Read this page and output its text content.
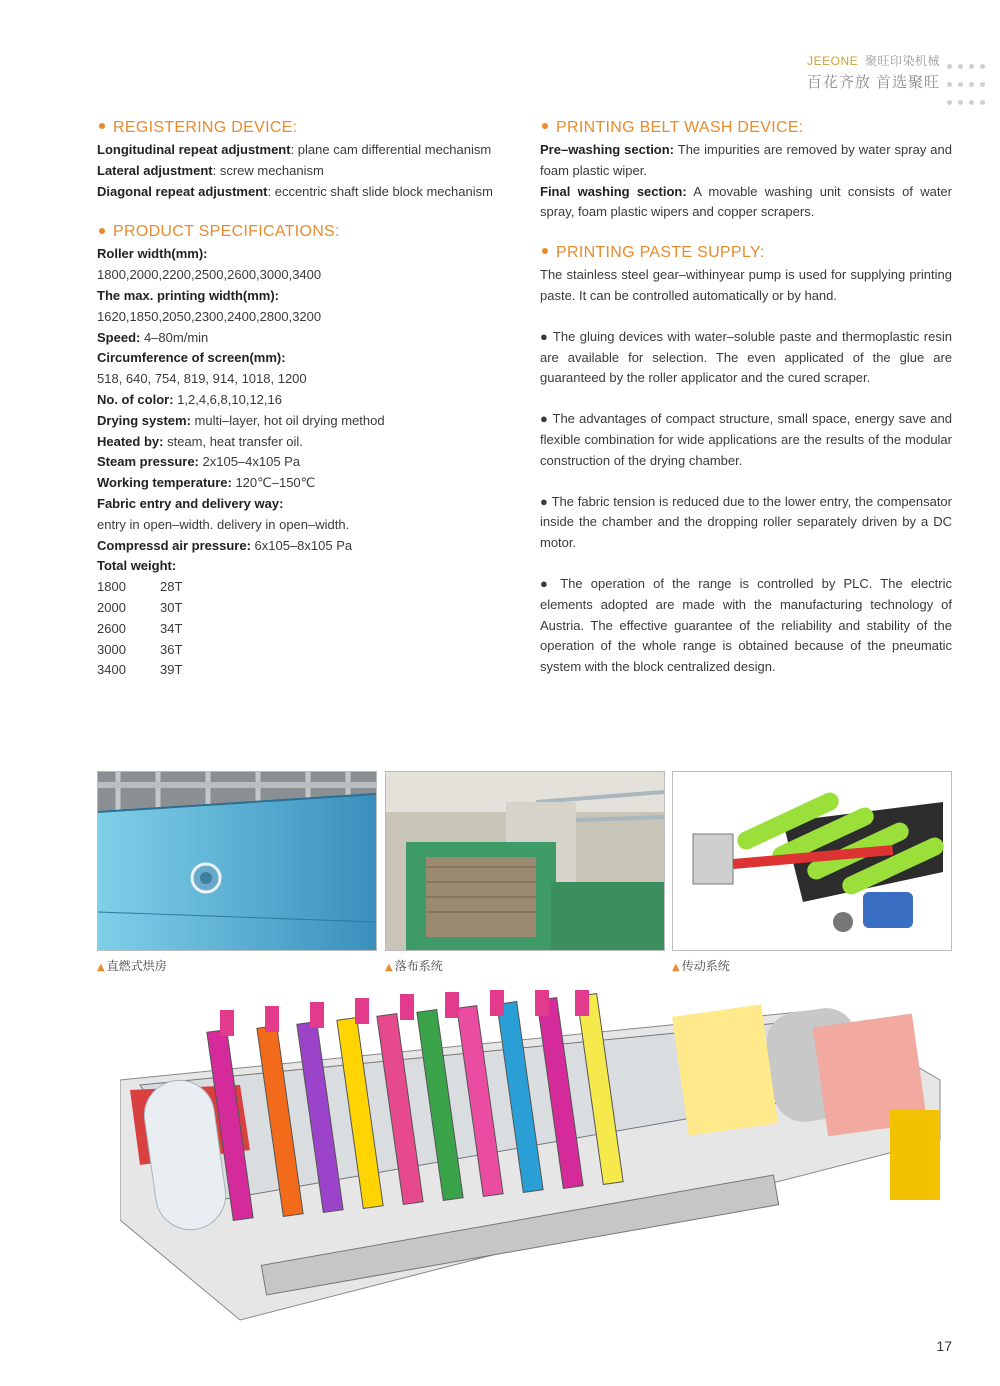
JEEONE 聚旺印染机械
百花齐放 首选聚旺
REGISTERING DEVICE:
Longitudinal repeat adjustment: plane cam differential mechanism
Lateral adjustment: screw mechanism
Diagonal repeat adjustment: eccentric shaft slide block mechanism
PRODUCT SPECIFICATIONS:
Roller width(mm):
1800,2000,2200,2500,2600,3000,3400
The max. printing width(mm):
1620,1850,2050,2300,2400,2800,3200
Speed: 4–80m/min
Circumference of screen(mm):
518, 640, 754, 819, 914, 1018, 1200
No. of color: 1,2,4,6,8,10,12,16
Drying system: multi–layer, hot oil drying method
Heated by: steam, heat transfer oil.
Steam pressure: 2x105–4x105 Pa
Working temperature: 120℃–150℃
Fabric entry and delivery way:
entry in open–width. delivery in open–width.
Compressd air pressure: 6x105–8x105 Pa
Total weight:
1800	28T
2000	30T
2600	34T
3000	36T
3400	39T
PRINTING BELT WASH DEVICE:
Pre–washing section: The impurities are removed by water spray and foam plastic wiper.
Final washing section: A movable washing unit consists of water spray, foam plastic wipers and copper scrapers.
PRINTING PASTE SUPPLY:
The stainless steel gear–withinyear pump is used for supplying printing paste. It can be controlled automatically or by hand.
● The gluing devices with water–soluble paste and thermoplastic resin are available for selection. The even applicated of the glue are guaranteed by the roller applicator and the cured scraper.
● The advantages of compact structure, small space, energy save and flexible combination for wide applications are the results of the modular construction of the drying chamber.
● The fabric tension is reduced due to the lower entry, the compensator inside the chamber and the dropping roller separately driven by a DC motor.
● The operation of the range is controlled by PLC. The electric elements adopted are made with the manufacturing technology of Austria. The effective guarantee of the reliability and stability of the operation of the whole range is obtained because of the pneumatic system with the block centralized design.
▲ 直燃式烘房	▲ 落布系统	▲ 传动系统
17
